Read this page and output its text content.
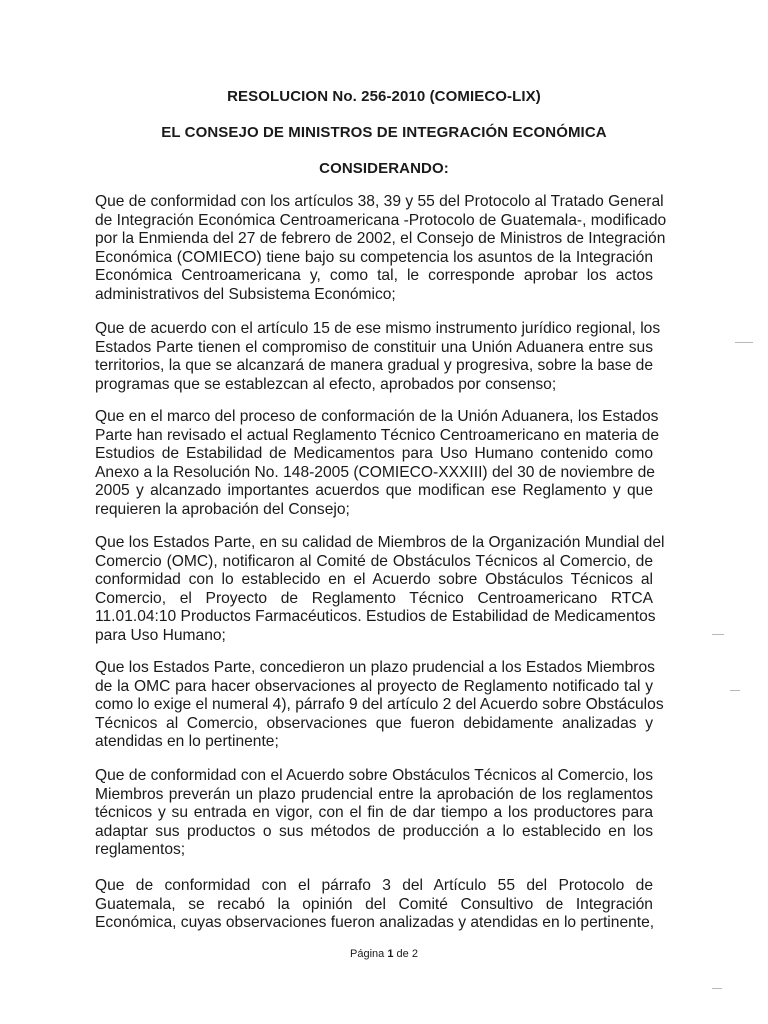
RESOLUCION No. 256-2010 (COMIECO-LIX)
EL CONSEJO DE MINISTROS DE INTEGRACIÓN ECONÓMICA
CONSIDERANDO:
Que de conformidad con los artículos 38, 39 y 55 del Protocolo al Tratado General
de Integración Económica Centroamericana -Protocolo de Guatemala-, modificado
por la Enmienda del 27 de febrero de 2002, el Consejo de Ministros de Integración
Económica (COMIECO) tiene bajo su competencia los asuntos de la Integración
Económica Centroamericana y, como tal, le corresponde aprobar los actos
administrativos del Subsistema Económico;
Que de acuerdo con el artículo 15 de ese mismo instrumento jurídico regional, los
Estados Parte tienen el compromiso de constituir una Unión Aduanera entre sus
territorios, la que se alcanzará de manera gradual y progresiva, sobre la base de
programas que se establezcan al efecto, aprobados por consenso;
Que en el marco del proceso de conformación de la Unión Aduanera, los Estados
Parte han revisado el actual Reglamento Técnico Centroamericano en materia de
Estudios de Estabilidad de Medicamentos para Uso Humano contenido como
Anexo a la Resolución No. 148-2005 (COMIECO-XXXIII) del 30 de noviembre de
2005 y alcanzado importantes acuerdos que modifican ese Reglamento y que
requieren la aprobación del Consejo;
Que los Estados Parte, en su calidad de Miembros de la Organización Mundial del
Comercio (OMC), notificaron al Comité de Obstáculos Técnicos al Comercio, de
conformidad con lo establecido en el Acuerdo sobre Obstáculos Técnicos al
Comercio, el Proyecto de Reglamento Técnico Centroamericano RTCA
11.01.04:10 Productos Farmacéuticos. Estudios de Estabilidad de Medicamentos
para Uso Humano;
Que los Estados Parte, concedieron un plazo prudencial a los Estados Miembros
de la OMC para hacer observaciones al proyecto de Reglamento notificado tal y
como lo exige el numeral 4), párrafo 9 del artículo 2 del Acuerdo sobre Obstáculos
Técnicos al Comercio, observaciones que fueron debidamente analizadas y
atendidas en lo pertinente;
Que de conformidad con el Acuerdo sobre Obstáculos Técnicos al Comercio, los
Miembros preverán un plazo prudencial entre la aprobación de los reglamentos
técnicos y su entrada en vigor, con el fin de dar tiempo a los productores para
adaptar sus productos o sus métodos de producción a lo establecido en los
reglamentos;
Que de conformidad con el párrafo 3 del Artículo 55 del Protocolo de
Guatemala, se recabó la opinión del Comité Consultivo de Integración
Económica, cuyas observaciones fueron analizadas y atendidas en lo pertinente,
Página 1 de 2
